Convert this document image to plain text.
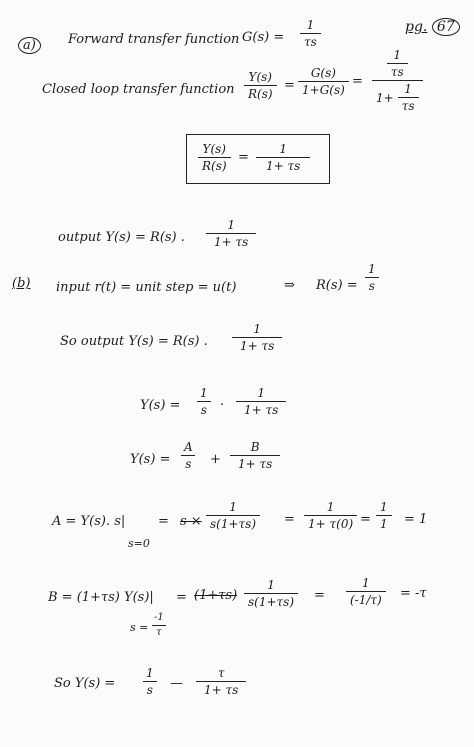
pg. 67
a)	Forward transfer function $G(s) = \frac{1}{\tau s}$
Closed loop transfer function $\frac{Y(s)}{R(s)} = \frac{G(s)}{1+G(s)} = \frac{\frac{1}{\tau s}}{1+ \frac{1}{\tau s}}$
$\frac{Y(s)}{R(s)} = \frac{1}{1+ \tau s}$
output Y(s) = R(s) . $\frac{1}{1+ \tau s}$
(b) input r(t) = unit step = u(t)	⇒ $R(s) = \frac{1}{s}$
So output Y(s) = R(s) . $\frac{1}{1+ \tau s}$
$Y(s) = \frac{1}{s}$ . $\frac{1}{1+ \tau s}$
$Y(s) = \frac{A}{s} + \frac{B}{1+ \tau s}$
A = Y(s). s|
s=0
= $s \times \frac{1}{s(1+\tau s)} = \frac{1}{1+ \tau(0)} = \frac{1}{1} = 1$
B = (1+τs) Y(s)|
$s = \frac{-1}{\tau}$
= $(1+\tau s) \frac{1}{s(1+\tau s)} = \frac{1}{(-1/\tau)} = -\tau$
So $Y(s) = \frac{1}{s}$ — $\frac{\tau}{1+ \tau s}$
